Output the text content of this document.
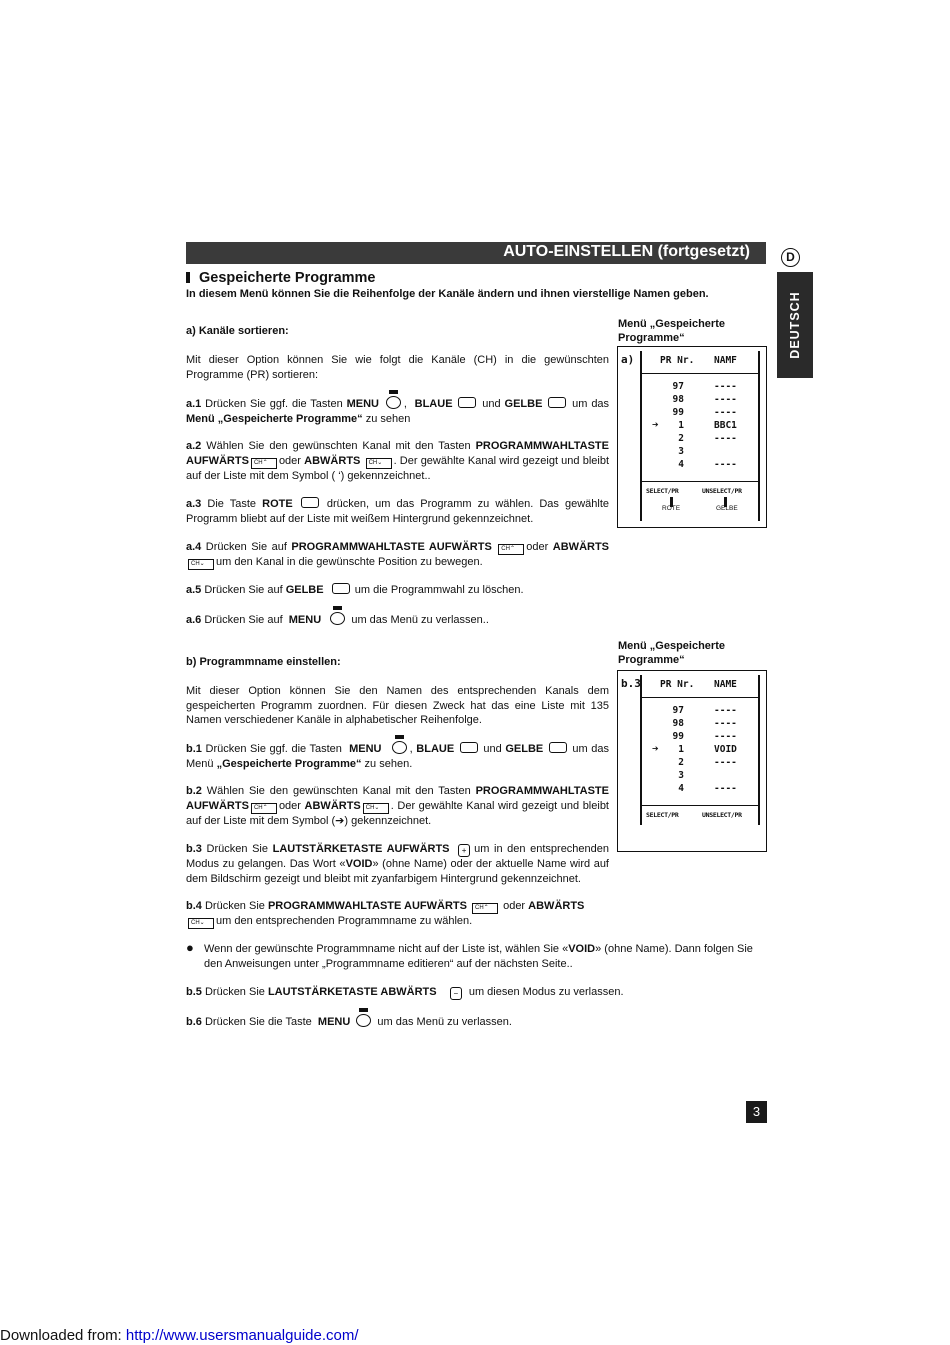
AUTO-EINSTELLEN (fortgesetzt)	D
DEUTSCH
Gespeicherte Programme
In diesem Menü können Sie die Reihenfolge der Kanäle ändern und ihnen vierstellige Namen geben.
a) Kanäle sortieren:
Mit dieser Option können Sie wie folgt die Kanäle (CH) in die gewünschten Programme (PR) sortieren:
a.1 Drücken Sie ggf. die Tasten MENU ,  BLAUE	und GELBE	um das Menü „Gespeicherte Programme“ zu sehen
a.2 Wählen Sie den gewünschten Kanal mit den Tasten PROGRAMMWAHLTASTE AUFWÄRTS CH⌃ oder ABWÄRTS CH⌄ . Der gewählte Kanal wird gezeigt und bleibt auf der Liste mit dem Symbol ( ‘) gekennzeichnet..
a.3 Die Taste ROTE	drücken, um das Programm zu wählen. Das gewählte Programm bliebt auf der Liste mit weißem Hintergrund gekennzeichnet.
a.4 Drücken Sie auf PROGRAMMWAHLTASTE AUFWÄRTS CH⌃ oder ABWÄRTS CH⌄ um den Kanal in die gewünschte Position zu bewegen.
a.5 Drücken Sie auf GELBE	um die Programmwahl zu löschen.
a.6 Drücken Sie auf MENU	um das Menü zu verlassen..
b) Programmname einstellen:
Mit dieser Option können Sie den Namen des entsprechenden Kanals dem gespeicherten Programm zuordnen. Für diesen Zweck hat das eine Liste mit 135 Namen verschiedener Kanäle in alphabetischer Reihenfolge.
b.1 Drücken Sie ggf. die Tasten MENU	, BLAUE	und GELBE	um das Menü „Gespeicherte Programme“ zu sehen.
b.2 Wählen Sie den gewünschten Kanal mit den Tasten PROGRAMMWAHLTASTE AUFWÄRTS CH⌃ oder ABWÄRTS CH⌄ . Der gewählte Kanal wird gezeigt und bleibt auf der Liste mit dem Symbol (➔) gekennzeichnet.
b.3 Drücken Sie LAUTSTÄRKETASTE AUFWÄRTS + um in den entsprechenden Modus zu gelangen. Das Wort «VOID» (ohne Name) oder der aktuelle Name wird auf dem Bildschirm gezeigt und bleibt mit zyanfarbigem Hintergrund gekennzeichnet.
b.4 Drücken Sie PROGRAMMWAHLTASTE AUFWÄRTS CH⌃ oder ABWÄRTS
CH⌄ um den entsprechenden Programmname zu wählen.
● Wenn der gewünschte Programmname nicht auf der Liste ist, wählen Sie «VOID» (ohne Name). Dann folgen Sie den Anweisungen unter „Programmname editieren“ auf der nächsten Seite..
b.5 Drücken Sie LAUTSTÄRKETASTE ABWÄRTS − um diesen Modus zu verlassen.
b.6 Drücken Sie die Taste MENU um das Menü zu verlassen.
Menü „Gespeicherte Programme“
a)	PR Nr. NAMF
97	----
98	----
99	----
➔	1	BBC1
2	----
3
4	----
SELECT/PR	UNSELECT/PR
ROTE	GELBE
Menü „Gespeicherte Programme“
b.3 PR Nr. NAME
97	----
98	----
99	----
➔	1	VOID
2	----
3
4	----
SELECT/PR	UNSELECT/PR
3
Downloaded from: http://www.usersmanualguide.com/
